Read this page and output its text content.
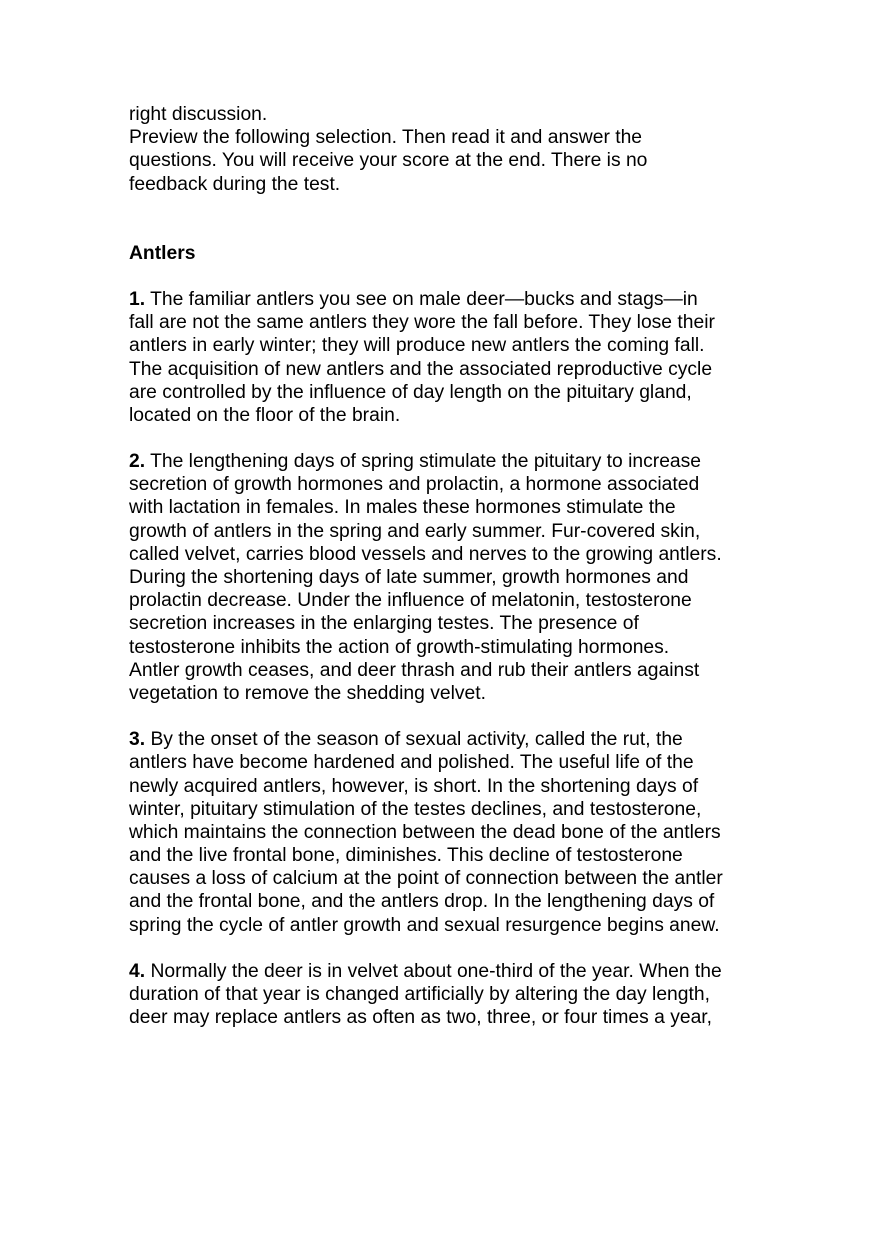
right discussion.
Preview the following selection. Then read it and answer the
questions. You will receive your score at the end. There is no
feedback during the test.
Antlers
1. The familiar antlers you see on male deer—bucks and stags—in
fall are not the same antlers they wore the fall before. They lose their
antlers in early winter; they will produce new antlers the coming fall.
The acquisition of new antlers and the associated reproductive cycle
are controlled by the influence of day length on the pituitary gland,
located on the floor of the brain.
2. The lengthening days of spring stimulate the pituitary to increase
secretion of growth hormones and prolactin, a hormone associated
with lactation in females. In males these hormones stimulate the
growth of antlers in the spring and early summer. Fur-covered skin,
called velvet, carries blood vessels and nerves to the growing antlers.
During the shortening days of late summer, growth hormones and
prolactin decrease. Under the influence of melatonin, testosterone
secretion increases in the enlarging testes. The presence of
testosterone inhibits the action of growth-stimulating hormones.
Antler growth ceases, and deer thrash and rub their antlers against
vegetation to remove the shedding velvet.
3. By the onset of the season of sexual activity, called the rut, the
antlers have become hardened and polished. The useful life of the
newly acquired antlers, however, is short. In the shortening days of
winter, pituitary stimulation of the testes declines, and testosterone,
which maintains the connection between the dead bone of the antlers
and the live frontal bone, diminishes. This decline of testosterone
causes a loss of calcium at the point of connection between the antler
and the frontal bone, and the antlers drop. In the lengthening days of
spring the cycle of antler growth and sexual resurgence begins anew.
4. Normally the deer is in velvet about one-third of the year. When the
duration of that year is changed artificially by altering the day length,
deer may replace antlers as often as two, three, or four times a year,
